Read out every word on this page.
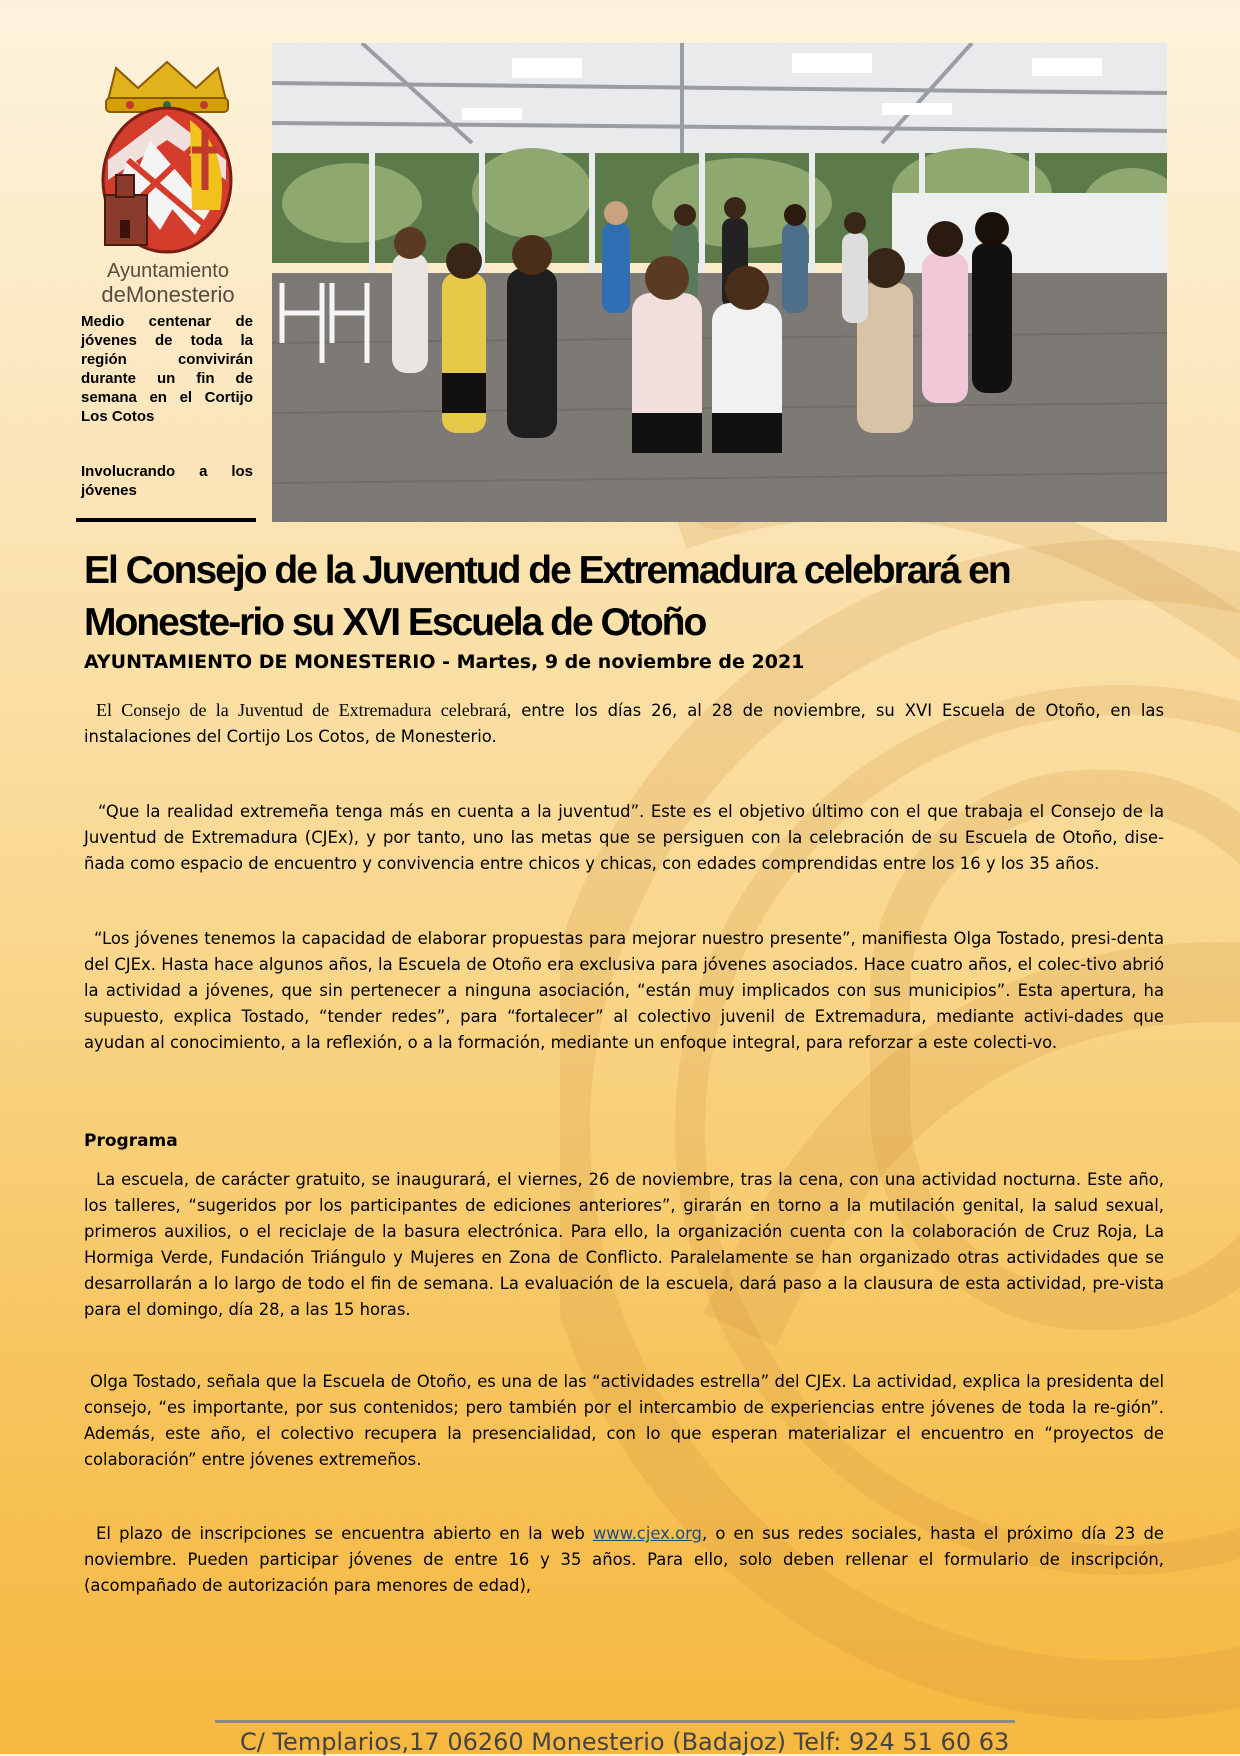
Ayuntamiento
deMonesterio
Medio centenar de jóvenes de toda la región convivirán durante un fin de semana en el Cortijo Los Cotos
Involucrando a los jóvenes
El Consejo de la Juventud de Extremadura celebrará en Moneste-rio su XVI Escuela de Otoño
AYUNTAMIENTO DE MONESTERIO - Martes, 9 de noviembre de 2021

El Consejo de la Juventud de Extremadura celebrará, entre los días 26, al 28 de noviembre, su XVI Escuela de Otoño, en las instalaciones del Cortijo Los Cotos, de Monesterio.

“Que la realidad extremeña tenga más en cuenta a la juventud”. Este es el objetivo último con el que trabaja el Consejo de la Juventud de Extremadura (CJEx), y por tanto, uno las metas que se persiguen con la celebración de su Escuela de Otoño, dise-ñada como espacio de encuentro y convivencia entre chicos y chicas, con edades comprendidas entre los 16 y los 35 años.

“Los jóvenes tenemos la capacidad de elaborar propuestas para mejorar nuestro presente”, manifiesta Olga Tostado, presi-denta del CJEx. Hasta hace algunos años, la Escuela de Otoño era exclusiva para jóvenes asociados. Hace cuatro años, el colec-tivo abrió la actividad a jóvenes, que sin pertenecer a ninguna asociación, “están muy implicados con sus municipios”. Esta apertura, ha supuesto, explica Tostado, “tender redes”, para “fortalecer” al colectivo juvenil de Extremadura, mediante activi-dades que ayudan al conocimiento, a la reflexión, o a la formación, mediante un enfoque integral, para reforzar a este colecti-vo.

Programa

La escuela, de carácter gratuito, se inaugurará, el viernes, 26 de noviembre, tras la cena, con una actividad nocturna. Este año, los talleres, “sugeridos por los participantes de ediciones anteriores”, girarán en torno a la mutilación genital, la salud sexual, primeros auxilios, o el reciclaje de la basura electrónica. Para ello, la organización cuenta con la colaboración de Cruz Roja, La Hormiga Verde, Fundación Triángulo y Mujeres en Zona de Conflicto. Paralelamente se han organizado otras actividades que se desarrollarán a lo largo de todo el fin de semana. La evaluación de la escuela, dará paso a la clausura de esta actividad, pre-vista para el domingo, día 28, a las 15 horas.

Olga Tostado, señala que la Escuela de Otoño, es una de las “actividades estrella” del CJEx. La actividad, explica la presidenta del consejo, “es importante, por sus contenidos; pero también por el intercambio de experiencias entre jóvenes de toda la re-gión”. Además, este año, el colectivo recupera la presencialidad, con lo que esperan materializar el encuentro en “proyectos de colaboración” entre jóvenes extremeños.

El plazo de inscripciones se encuentra abierto en la web www.cjex.org, o en sus redes sociales, hasta el próximo día 23 de noviembre. Pueden participar jóvenes de entre 16 y 35 años. Para ello, solo deben rellenar el formulario de inscripción, (acompañado de autorización para menores de edad),

C/ Templarios,17 06260 Monesterio (Badajoz) Telf: 924 51 60 63
